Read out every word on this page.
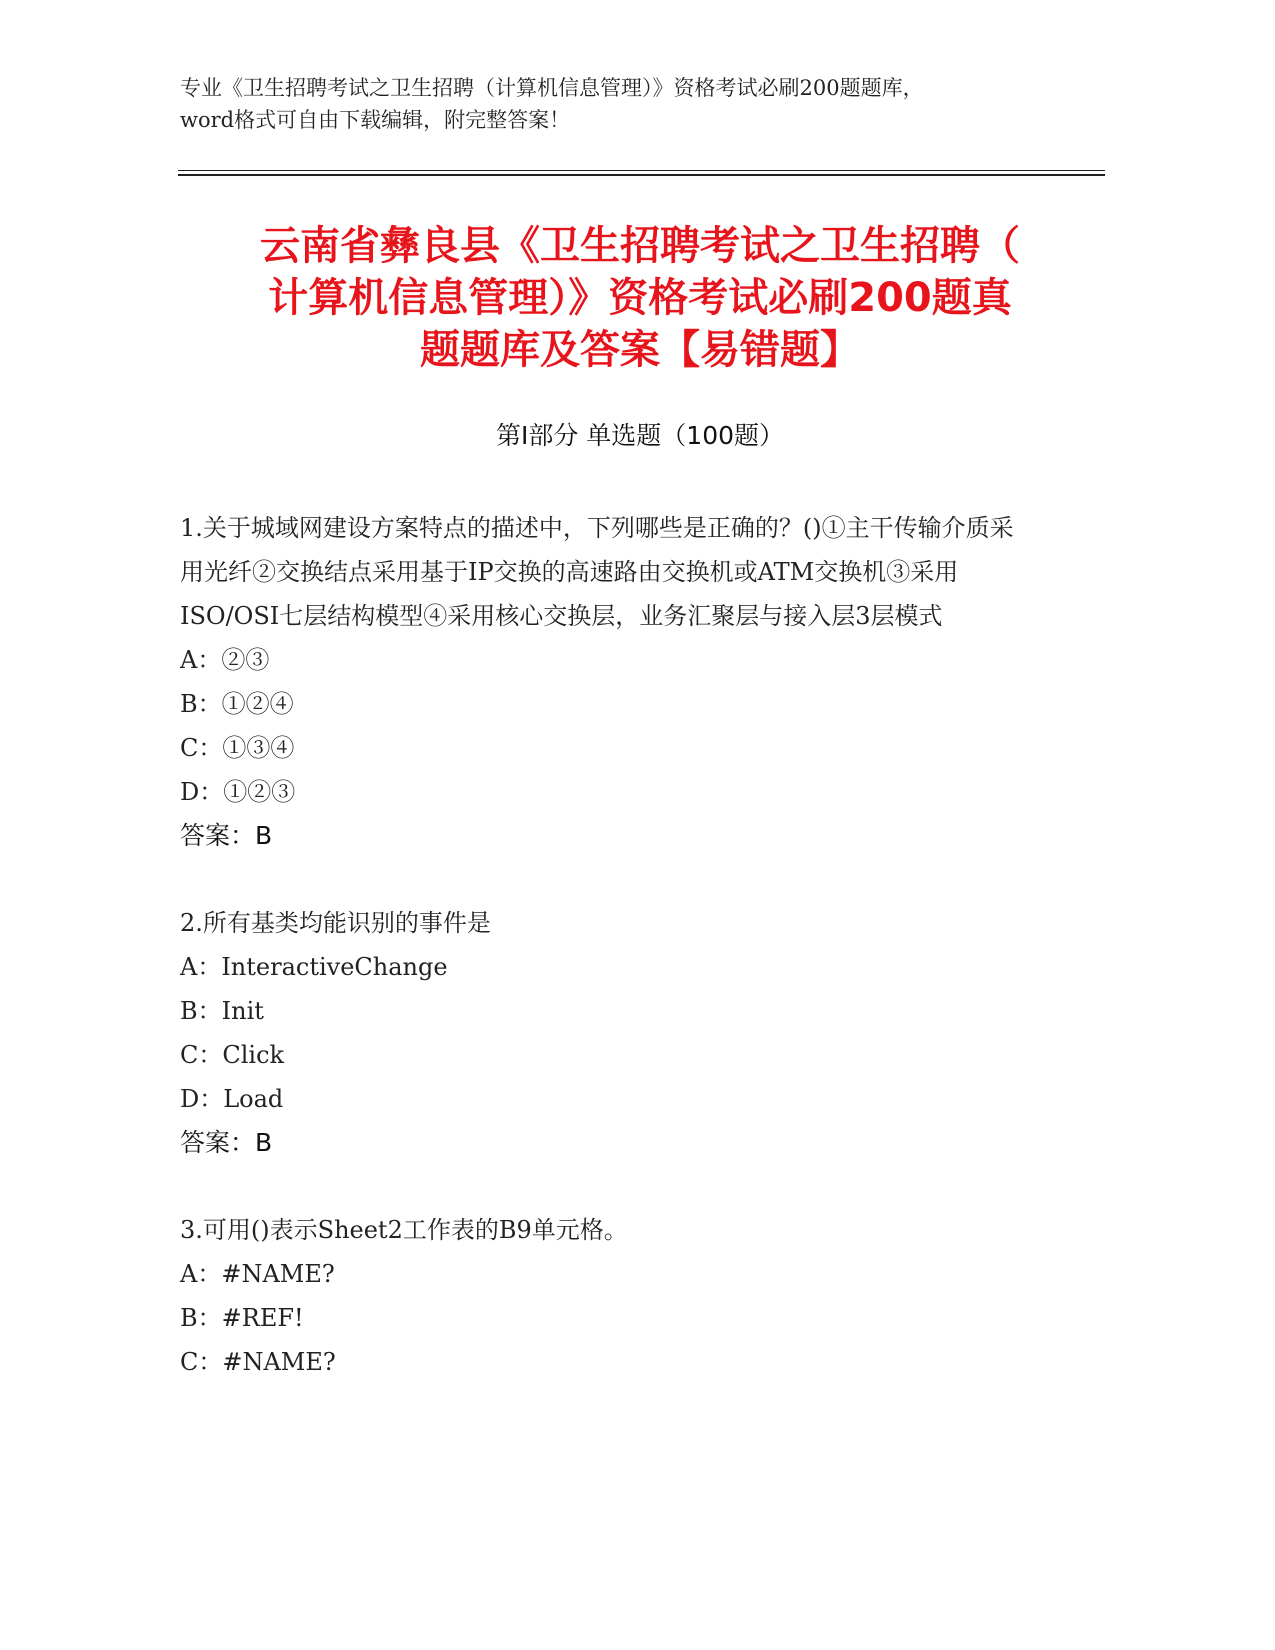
专业《卫生招聘考试之卫生招聘（计算机信息管理）》资格考试必刷200题题库，
word格式可自由下载编辑，附完整答案！
云南省彝良县《卫生招聘考试之卫生招聘（
计算机信息管理）》资格考试必刷200题真
题题库及答案【易错题】
第Ⅰ部分 单选题（100题）

1.关于城域网建设方案特点的描述中，下列哪些是正确的？()①主干传输介质采用光纤②交换结点采用基于IP交换的高速路由交换机或ATM交换机③采用ISO/OSI七层结构模型④采用核心交换层，业务汇聚层与接入层3层模式

A：②③
B：①②④
C：①③④
D：①②③
答案：B

2.所有基类均能识别的事件是

A：InteractiveChange
B：Init
C：Click
D：Load
答案：B

3.可用()表示Sheet2工作表的B9单元格。

A：#NAME?
B：#REF!
C：#NAME?
